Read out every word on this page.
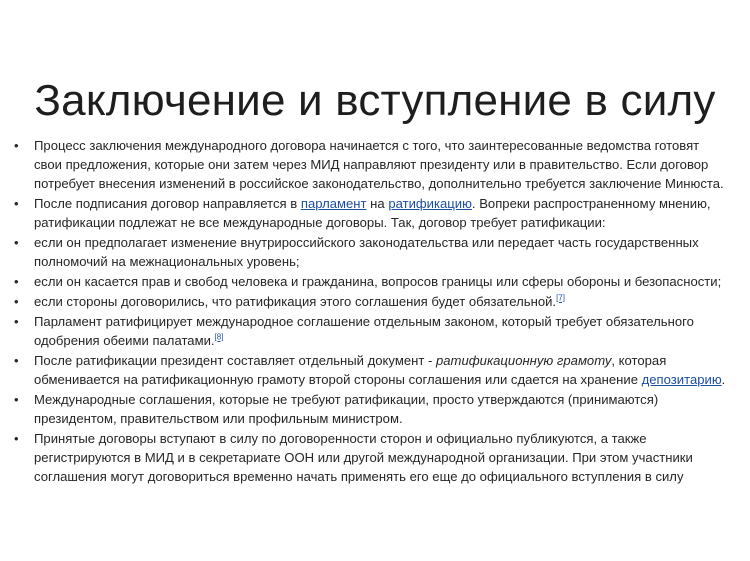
Заключение и вступление в силу
•	Процесс заключения международного договора начинается с того, что заинтересованные ведомства готовят
свои предложения, которые они затем через МИД направляют президенту или в правительство. Если договор
потребует внесения изменений в российское законодательство, дополнительно требуется заключение Минюста.
•	После подписания договор направляется в парламент на ратификацию. Вопреки распространенному мнению,
ратификации подлежат не все международные договоры. Так, договор требует ратификации:
•	если он предполагает изменение внутрироссийского законодательства или передает часть государственных
полномочий на межнациональных уровень;
•	если он касается прав и свобод человека и гражданина, вопросов границы или сферы обороны и безопасности;
•	если стороны договорились, что ратификация этого соглашения будет обязательной.[7]
•	Парламент ратифицирует международное соглашение отдельным законом, который требует обязательного
одобрения обеими палатами.[8]
•	После ратификации президент составляет отдельный документ - ратификационную грамоту, которая
обменивается на ратификационную грамоту второй стороны соглашения или сдается на хранение депозитарию.
•	Международные соглашения, которые не требуют ратификации, просто утверждаются (принимаются)
президентом, правительством или профильным министром.
•	Принятые договоры вступают в силу по договоренности сторон и официально публикуются, а также
регистрируются в МИД и в секретариате ООН или другой международной организации. При этом участники
соглашения могут договориться временно начать применять его еще до официального вступления в силу
